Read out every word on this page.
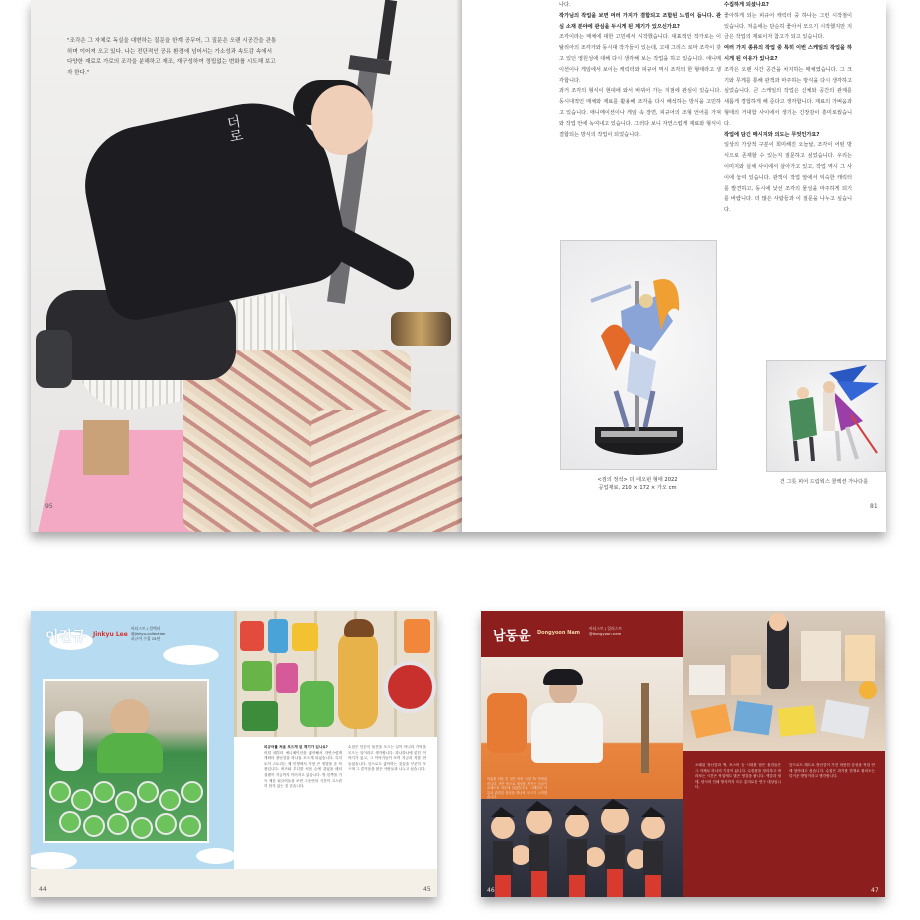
"조각은 그 자체로 독실을 대변하는 질문을 한계 공무어, 그 질문은 오랜 시공간을 관통하며 이어져 오고 있다. 나는 전단적인 공유 환경에 넘어서는 가소성과 속도감 속에서 다양한 재료로 가로의 조각을 분해하고 재조, 재구성하여 정립없는 변화를 시도해 보고자 한다."
더로
95
나다.
작가님의 작업을 보면 여러 가지가 결합되고 조합된 느낌이 듭니다. 관심 소재 분야에 관심을 두시게 된 계기가 있으신가요?
조각이라는 매체에 대한 고민에서 시작했습니다. 대표적인 작가로는 이탈리아의 조각가와 동시대 작가들이 있는데, 고대 그리스 로마 조각이 갖고 있던 영원성에 대해 다시 생각해 보는 작업을 하고 있습니다. 애니메이션이나 게임에서 보이는 캐릭터와 피규어 역시 조각의 한 형태라고 생각합니다.
과거 조각의 형식이 현대에 와서 바뀌어 가는 지점에 관심이 있습니다. 동시대적인 매체와 재료를 활용해 조각을 다시 해석하는 방식을 고민하고 있습니다. 애니메이션이나 게임 속 장면, 피규어의 조형 언어를 가져와 작업 안에 녹여내고 있습니다. 그러다 보니 자연스럽게 재료와 형식이 결합되는 방식의 작업이 되었습니다.
수집하게 되셨나요?
좋아하게 되는 피규어 캐릭터 중 하나는 그런 시작점이 있습니다. 처음에는 단순히 좋아서 모으기 시작했지만 지금은 작업의 재료이자 참고가 되고 있습니다.
여러 가지 종류의 작업 중 특히 이번 스케일의 작업을 하시게 된 이유가 있나요?
조각은 오랜 시간 공간을 차지하는 매체였습니다. 그 크기와 무게를 통해 관객과 마주하는 방식을 다시 생각하고 싶었습니다. 큰 스케일의 작업은 신체와 공간의 관계를 새롭게 경험하게 해 준다고 생각합니다. 재료의 가벼움과 형태의 거대함 사이에서 생기는 긴장감이 흥미로웠습니다.
작업에 담긴 메시지와 의도는 무엇인가요?
일상의 가상적 구분이 희미해진 오늘날, 조각이 어떤 방식으로 존재할 수 있는지 질문하고 싶었습니다. 우리는 이미지와 실체 사이에서 살아가고 있고, 작업 역시 그 사이에 놓여 있습니다. 관객이 작업 앞에서 익숙한 캐릭터를 발견하고, 동시에 낯선 조각의 물성을 마주하게 되기를 바랍니다. 더 많은 사람들과 이 질문을 나누고 싶습니다.
<검의 정석> 더 네오펀 형태 2022
공업재료, 210 × 172 × 가오 cm
건 그릇 피어 드림웍스 콜렉션 가나다를
81
이진규 Jinkyu Lee
아티스트 / 컬렉터
@jinkyu.collection
피규어 수집 15년
피규어를 처음 모으게 된 계기가 있나요?
어릴 때부터 애니메이션을 좋아해서 자연스럽게 캐릭터 장난감을 하나둘 모으게 되었습니다. 특히 토이 스토리는 제 인생에서 가장 큰 영향을 준 작품입니다. 버즈와 우디를 처음 손에 쥐었을 때의 설렘이 지금까지 이어지고 있습니다. 방 한쪽을 가득 채운 피규어들을 보면 그동안의 시간이 고스란히 담겨 있는 것 같습니다.
수집은 단순히 물건을 모으는 일이 아니라 기억을 모으는 일이라고 생각합니다. 하나하나에 얽힌 이야기가 있고, 그 이야기들이 모여 지금의 저를 만들었습니다. 앞으로도 좋아하는 것들을 꾸준히 모으며 그 즐거움을 많은 사람들과 나누고 싶습니다.
44	45
남동윤 Dongyoon Nam
아티스트 / 일러스트
@dongyoon.nam
아톰을 처음 본 것은 어린 시절 TV 만화였습니다. 작은 몸으로 세상을 지키는 모습이 오래도록 마음에 남았습니다. 그때부터 아톰과 관련된 물건을 하나씩 모으기 시작했습니다.
오래된 장난감과 책, 포스터 등 시대를 담은 물건들은 그 자체로 하나의 기록이 됩니다. 수집품을 정리하고 바라보는 시간은 작업에도 많은 영감을 줍니다. 색감과 형태, 당시의 인쇄 방식까지 모두 흥미로운 연구 대상입니다.
앞으로도 레트로 장난감이 가진 따뜻한 감성을 작업 안에 담아내고 싶습니다. 수집은 과거를 현재로 불러오는 즐거운 방법이라고 생각합니다.
46	47
